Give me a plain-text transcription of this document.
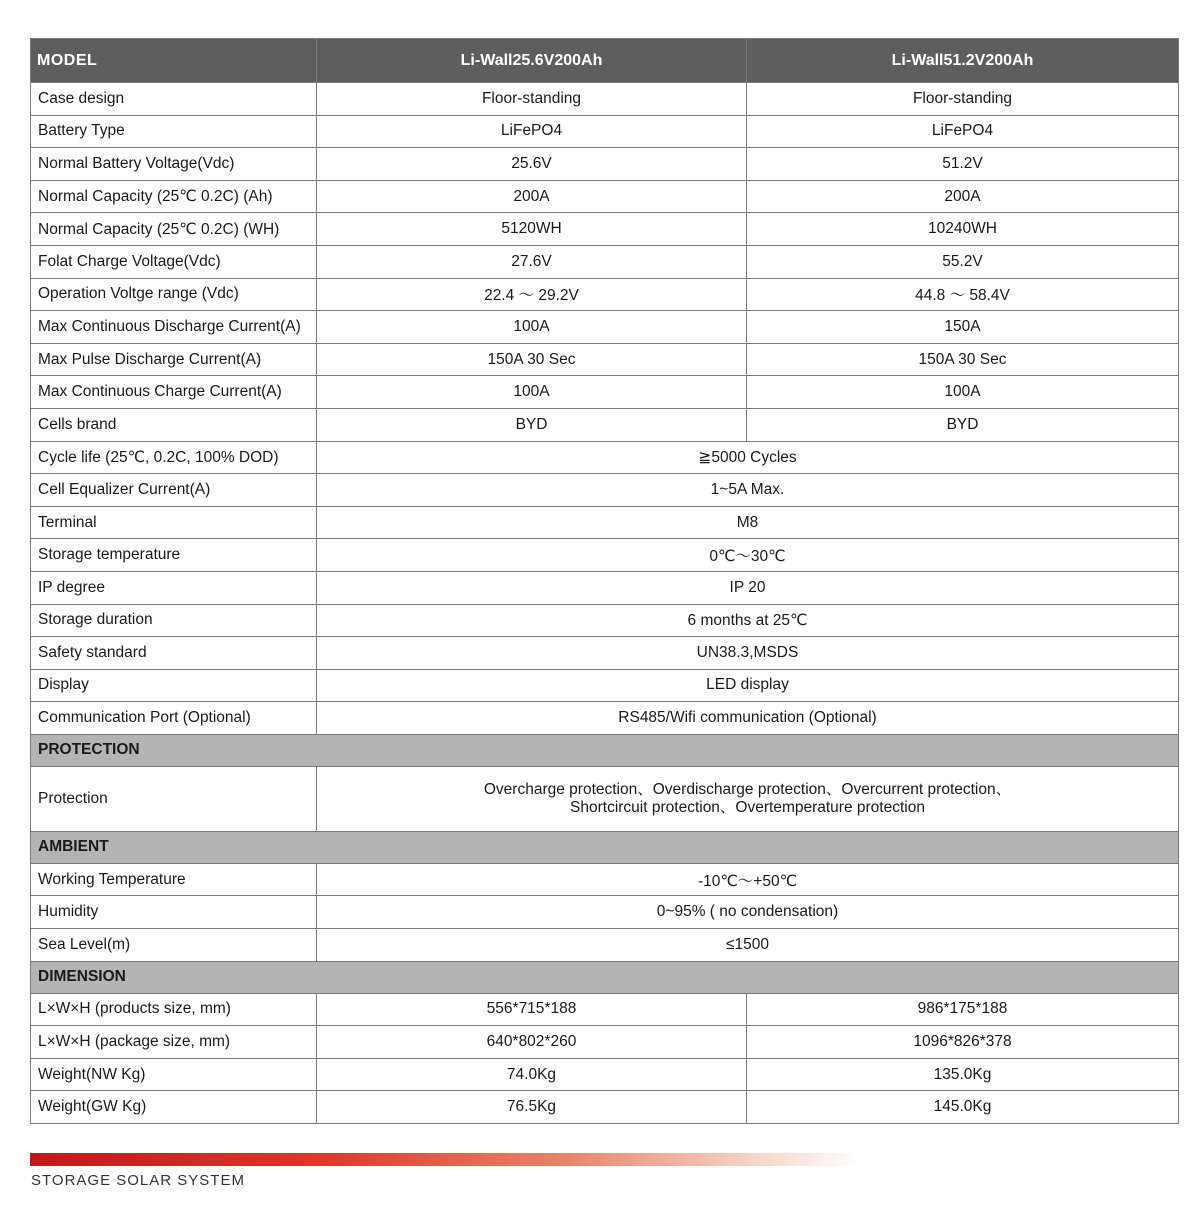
MODEL	Li-Wall25.6V200Ah	Li-Wall51.2V200Ah
Case design	Floor-standing	Floor-standing
Battery Type	LiFePO4	LiFePO4
Normal Battery Voltage(Vdc)	25.6V	51.2V
Normal Capacity (25℃ 0.2C) (Ah)	200A	200A
Normal Capacity (25℃ 0.2C) (WH)	5120WH	10240WH
Folat Charge Voltage(Vdc)	27.6V	55.2V
Operation Voltge range (Vdc)	22.4 ～ 29.2V	44.8 ～ 58.4V
Max Continuous Discharge Current(A)	100A	150A
Max Pulse Discharge Current(A)	150A 30 Sec	150A 30 Sec
Max Continuous Charge Current(A)	100A	100A
Cells brand	BYD	BYD
Cycle life (25℃, 0.2C, 100% DOD)	≧5000 Cycles	
Cell Equalizer Current(A)	1~5A Max.	
Terminal	M8	
Storage temperature	0℃～30℃	
IP degree	IP 20	
Storage duration	6 months at 25℃	
Safety standard	UN38.3,MSDS	
Display	LED display	
Communication Port (Optional)	RS485/Wifi communication (Optional)	
PROTECTION		
Protection	Overcharge protection、Overdischarge protection、Overcurrent protection、
Shortcircuit protection、Overtemperature protection	

AMBIENT		
Working Temperature	-10℃～+50℃	
Humidity	0~95% ( no condensation)	
Sea Level(m)	≤1500	
DIMENSION		
L×W×H (products size, mm)	556*715*188	986*175*188
L×W×H (package size, mm)	640*802*260	1096*826*378
Weight(NW Kg)	74.0Kg	135.0Kg
Weight(GW Kg)	76.5Kg	145.0Kg
STORAGE SOLAR SYSTEM
